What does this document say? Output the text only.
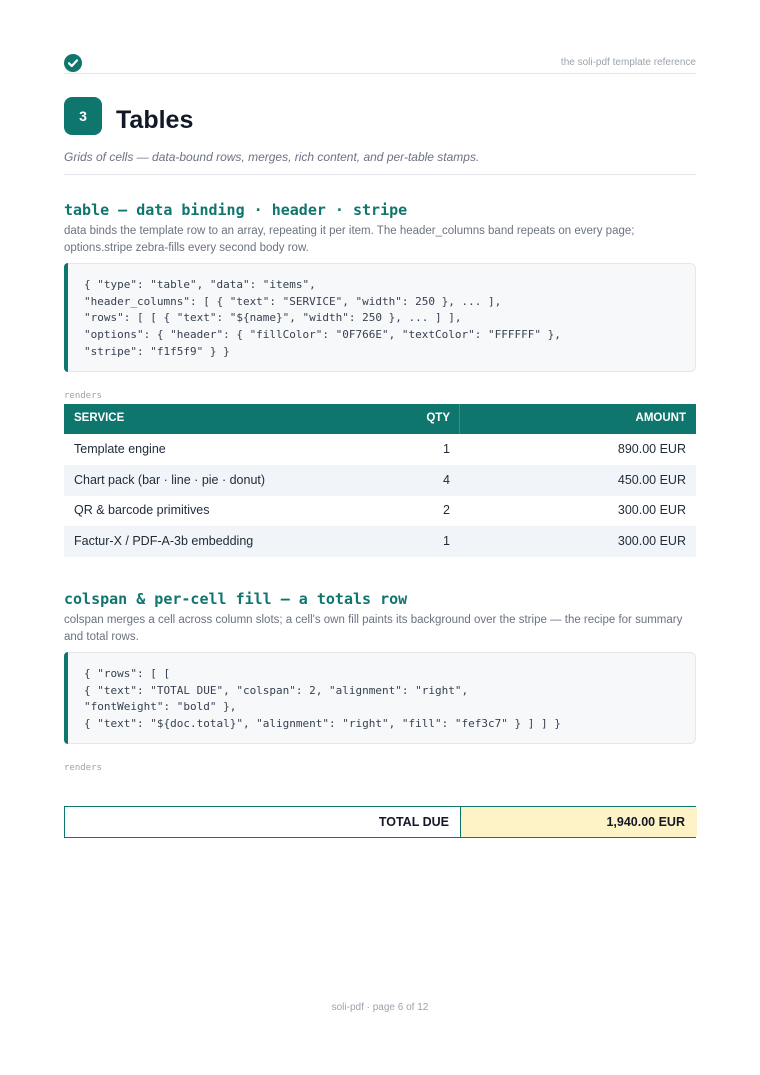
the soli-pdf template reference
3	Tables
Grids of cells — data-bound rows, merges, rich content, and per-table stamps.
table — data binding · header · stripe
data binds the template row to an array, repeating it per item. The header_columns band repeats on every page; options.stripe zebra-fills every second body row.
{ "type": "table", "data": "items",
"header_columns": [ { "text": "SERVICE", "width": 250 }, ... ],
"rows": [ [ { "text": "${name}", "width": 250 }, ... ] ],
"options": { "header": { "fillColor": "0F766E", "textColor": "FFFFFF" },
"stripe": "f1f5f9" } }
renders
SERVICE	QTY	AMOUNT
Template engine	1	890.00 EUR
Chart pack (bar · line · pie · donut)	4	450.00 EUR
QR & barcode primitives	2	300.00 EUR
Factur-X / PDF-A-3b embedding	1	300.00 EUR
colspan & per-cell fill — a totals row
colspan merges a cell across column slots; a cell's own fill paints its background over the stripe — the recipe for summary and total rows.
{ "rows": [ [
{ "text": "TOTAL DUE", "colspan": 2, "alignment": "right",
"fontWeight": "bold" },
{ "text": "${doc.total}", "alignment": "right", "fill": "fef3c7" } ] ] }
renders
TOTAL DUE	1,940.00 EUR
soli-pdf · page 6 of 12
